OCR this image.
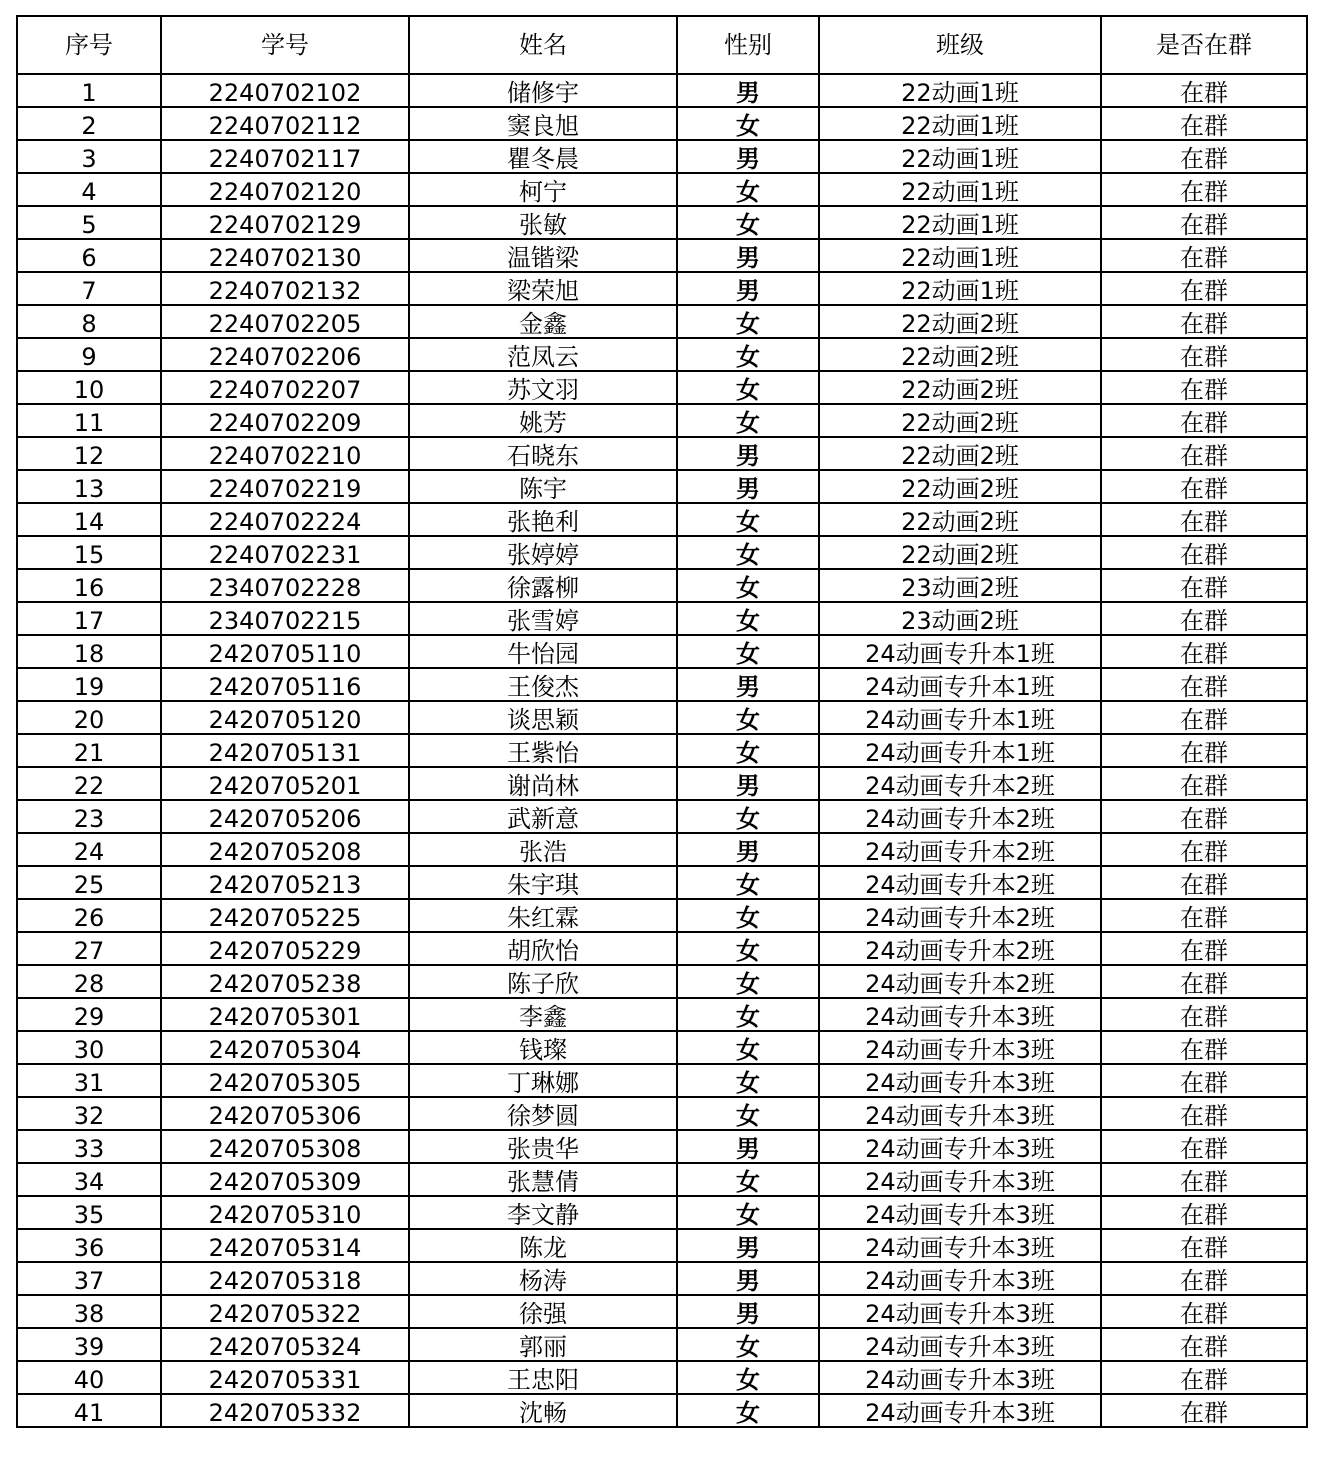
序号	学号	姓名	性别	班级	是否在群
1	2240702102	储修宇	男	22动画1班	在群
2	2240702112	窦良旭	女	22动画1班	在群
3	2240702117	瞿冬晨	男	22动画1班	在群
4	2240702120	柯宁	女	22动画1班	在群
5	2240702129	张敏	女	22动画1班	在群
6	2240702130	温锴梁	男	22动画1班	在群
7	2240702132	梁荣旭	男	22动画1班	在群
8	2240702205	金鑫	女	22动画2班	在群
9	2240702206	范凤云	女	22动画2班	在群
10	2240702207	苏文羽	女	22动画2班	在群
11	2240702209	姚芳	女	22动画2班	在群
12	2240702210	石晓东	男	22动画2班	在群
13	2240702219	陈宇	男	22动画2班	在群
14	2240702224	张艳利	女	22动画2班	在群
15	2240702231	张婷婷	女	22动画2班	在群
16	2340702228	徐露柳	女	23动画2班	在群
17	2340702215	张雪婷	女	23动画2班	在群
18	2420705110	牛怡园	女	24动画专升本1班	在群
19	2420705116	王俊杰	男	24动画专升本1班	在群
20	2420705120	谈思颖	女	24动画专升本1班	在群
21	2420705131	王紫怡	女	24动画专升本1班	在群
22	2420705201	谢尚林	男	24动画专升本2班	在群
23	2420705206	武新意	女	24动画专升本2班	在群
24	2420705208	张浩	男	24动画专升本2班	在群
25	2420705213	朱宇琪	女	24动画专升本2班	在群
26	2420705225	朱红霖	女	24动画专升本2班	在群
27	2420705229	胡欣怡	女	24动画专升本2班	在群
28	2420705238	陈子欣	女	24动画专升本2班	在群
29	2420705301	李鑫	女	24动画专升本3班	在群
30	2420705304	钱璨	女	24动画专升本3班	在群
31	2420705305	丁琳娜	女	24动画专升本3班	在群
32	2420705306	徐梦圆	女	24动画专升本3班	在群
33	2420705308	张贵华	男	24动画专升本3班	在群
34	2420705309	张慧倩	女	24动画专升本3班	在群
35	2420705310	李文静	女	24动画专升本3班	在群
36	2420705314	陈龙	男	24动画专升本3班	在群
37	2420705318	杨涛	男	24动画专升本3班	在群
38	2420705322	徐强	男	24动画专升本3班	在群
39	2420705324	郭丽	女	24动画专升本3班	在群
40	2420705331	王忠阳	女	24动画专升本3班	在群
41	2420705332	沈畅	女	24动画专升本3班	在群
